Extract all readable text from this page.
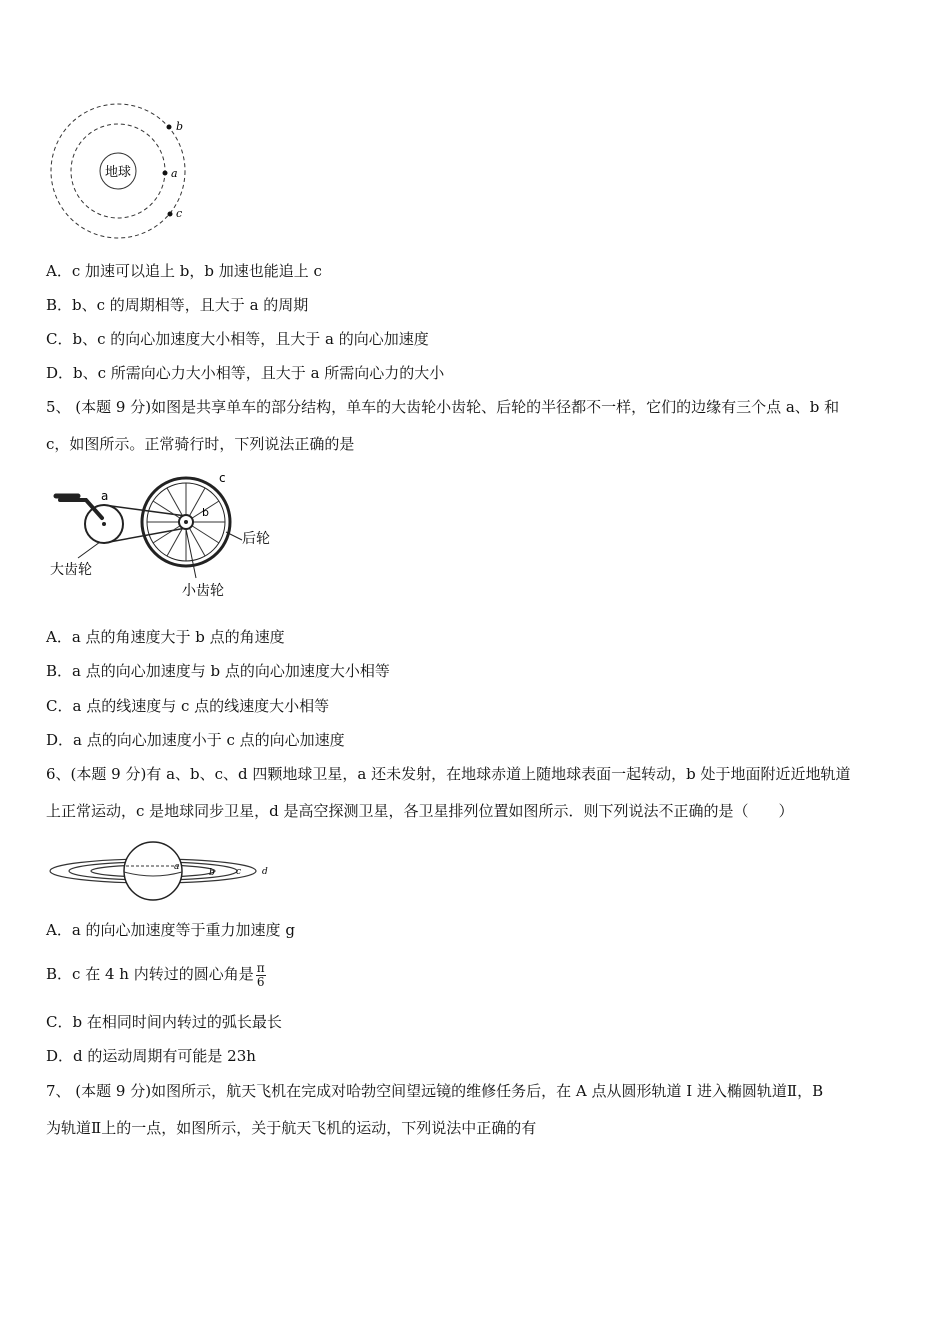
地球
b
a
c
A．c 加速可以追上 b，b 加速也能追上 c
B．b、c 的周期相等，且大于 a 的周期
C．b、c 的向心加速度大小相等，且大于 a 的向心加速度
D．b、c 所需向心力大小相等，且大于 a 所需向心力的大小
5、 (本题 9 分)如图是共享单车的部分结构，单车的大齿轮小齿轮、后轮的半径都不一样，它们的边缘有三个点 a、b 和
c，如图所示。正常骑行时，下列说法正确的是
a
b
c
大齿轮
小齿轮
后轮
A．a 点的角速度大于 b 点的角速度
B．a 点的向心加速度与 b 点的向心加速度大小相等
C．a 点的线速度与 c 点的线速度大小相等
D．a 点的向心加速度小于 c 点的向心加速度
6、(本题 9 分)有 a、b、c、d 四颗地球卫星，a 还未发射，在地球赤道上随地球表面一起转动，b 处于地面附近近地轨道
上正常运动，c 是地球同步卫星，d 是高空探测卫星，各卫星排列位置如图所示．则下列说法不正确的是（　　）
a
b c d
A．a 的向心加速度等于重力加速度 g
B．c 在 4 h 内转过的圆心角是 $\frac{\pi}{6}$
C．b 在相同时间内转过的弧长最长
D．d 的运动周期有可能是 23h
7、 (本题 9 分)如图所示，航天飞机在完成对哈勃空间望远镜的维修任务后，在 A 点从圆形轨道 I 进入椭圆轨道Ⅱ，B
为轨道Ⅱ上的一点，如图所示，关于航天飞机的运动，下列说法中正确的有
